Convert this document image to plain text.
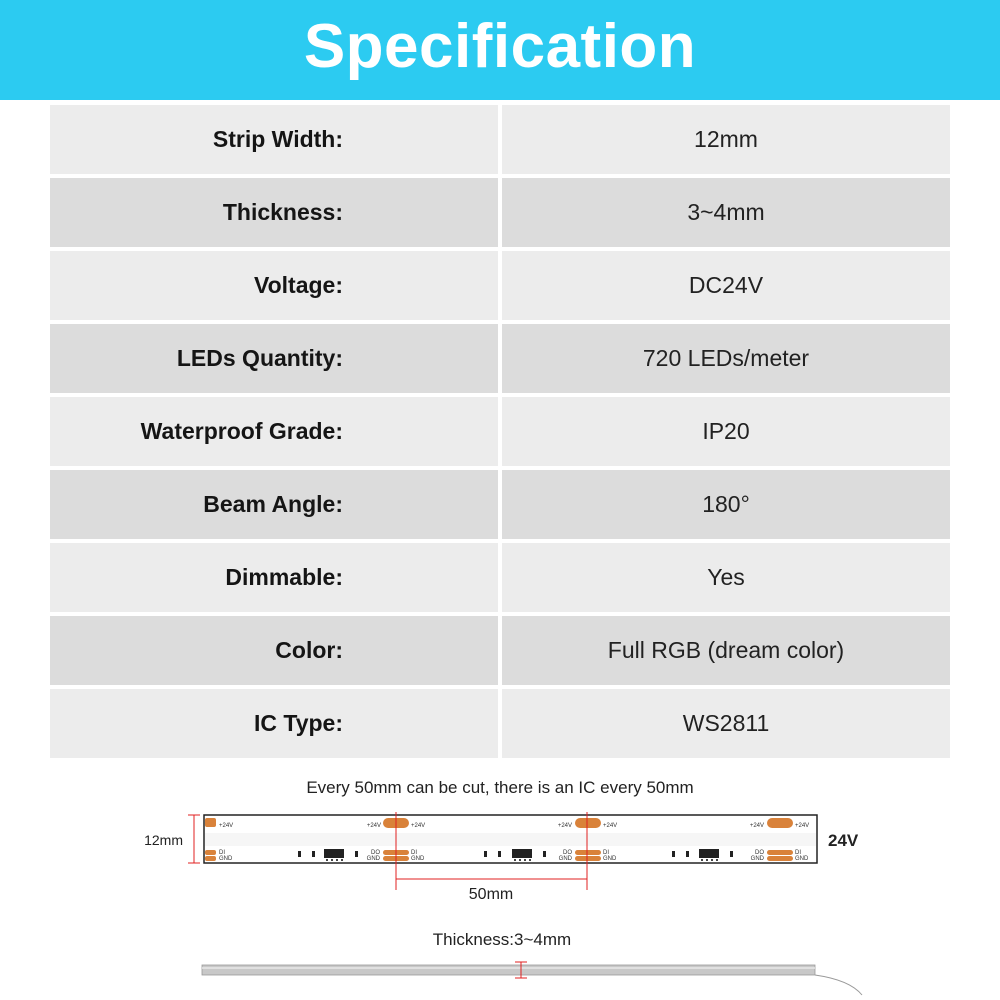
Specification
Strip Width:	12mm
Thickness:	3~4mm
Voltage:	DC24V
LEDs Quantity:	720 LEDs/meter
Waterproof Grade:	IP20
Beam Angle:	180°
Dimmable:	Yes
Color:	Full RGB (dream color)
IC Type:	WS2811
Every 50mm can be cut, there is an IC every 50mm
12mm	24V
+24V
DI
GND
+24V	+24V
DO
GND
DI
GND
+24V	+24V
DO
GND
DI
GND
+24V	+24V
DO
GND
DI
GND
50mm
Thickness:3~4mm
